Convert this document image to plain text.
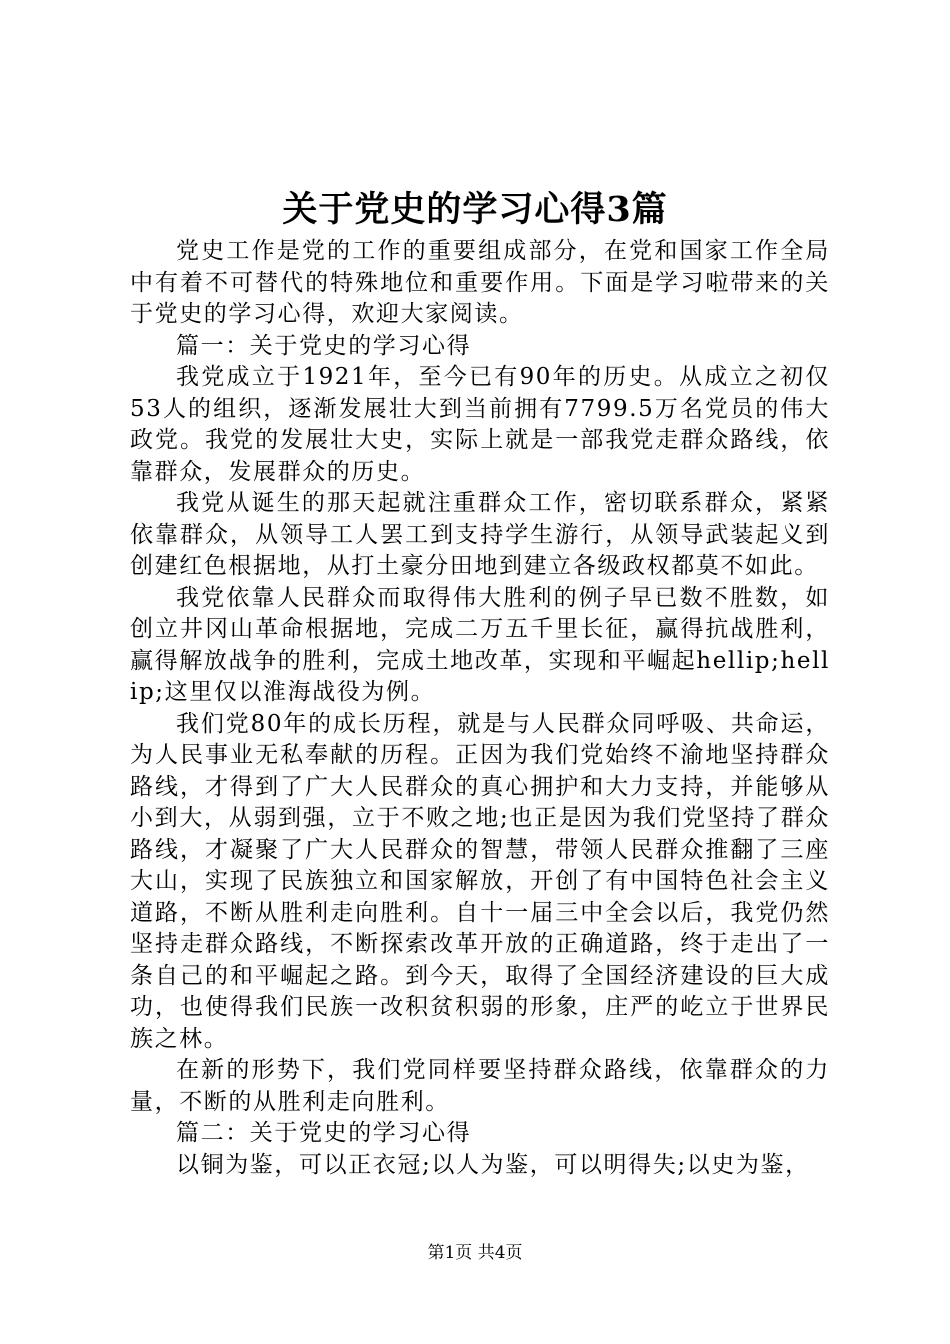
关于党史的学习心得3篇

党史工作是党的工作的重要组成部分，在党和国家工作全局中有着不可替代的特殊地位和重要作用。下面是学习啦带来的关于党史的学习心得，欢迎大家阅读。

篇一：关于党史的学习心得

我党成立于1921年，至今已有90年的历史。从成立之初仅53人的组织，逐渐发展壮大到当前拥有7799.5万名党员的伟大政党。我党的发展壮大史，实际上就是一部我党走群众路线，依靠群众，发展群众的历史。

我党从诞生的那天起就注重群众工作，密切联系群众，紧紧依靠群众，从领导工人罢工到支持学生游行，从领导武装起义到创建红色根据地，从打土豪分田地到建立各级政权都莫不如此。

我党依靠人民群众而取得伟大胜利的例子早已数不胜数，如创立井冈山革命根据地，完成二万五千里长征，赢得抗战胜利，赢得解放战争的胜利，完成土地改革，实现和平崛起hellip;hellip;这里仅以淮海战役为例。

我们党80年的成长历程，就是与人民群众同呼吸、共命运，为人民事业无私奉献的历程。正因为我们党始终不渝地坚持群众路线，才得到了广大人民群众的真心拥护和大力支持，并能够从小到大，从弱到强，立于不败之地;也正是因为我们党坚持了群众路线，才凝聚了广大人民群众的智慧，带领人民群众推翻了三座大山，实现了民族独立和国家解放，开创了有中国特色社会主义道路，不断从胜利走向胜利。自十一届三中全会以后，我党仍然坚持走群众路线，不断探索改革开放的正确道路，终于走出了一条自己的和平崛起之路。到今天，取得了全国经济建设的巨大成功，也使得我们民族一改积贫积弱的形象，庄严的屹立于世界民族之林。

在新的形势下，我们党同样要坚持群众路线，依靠群众的力量，不断的从胜利走向胜利。

篇二：关于党史的学习心得

以铜为鉴，可以正衣冠;以人为鉴，可以明得失;以史为鉴，

第1页 共4页
